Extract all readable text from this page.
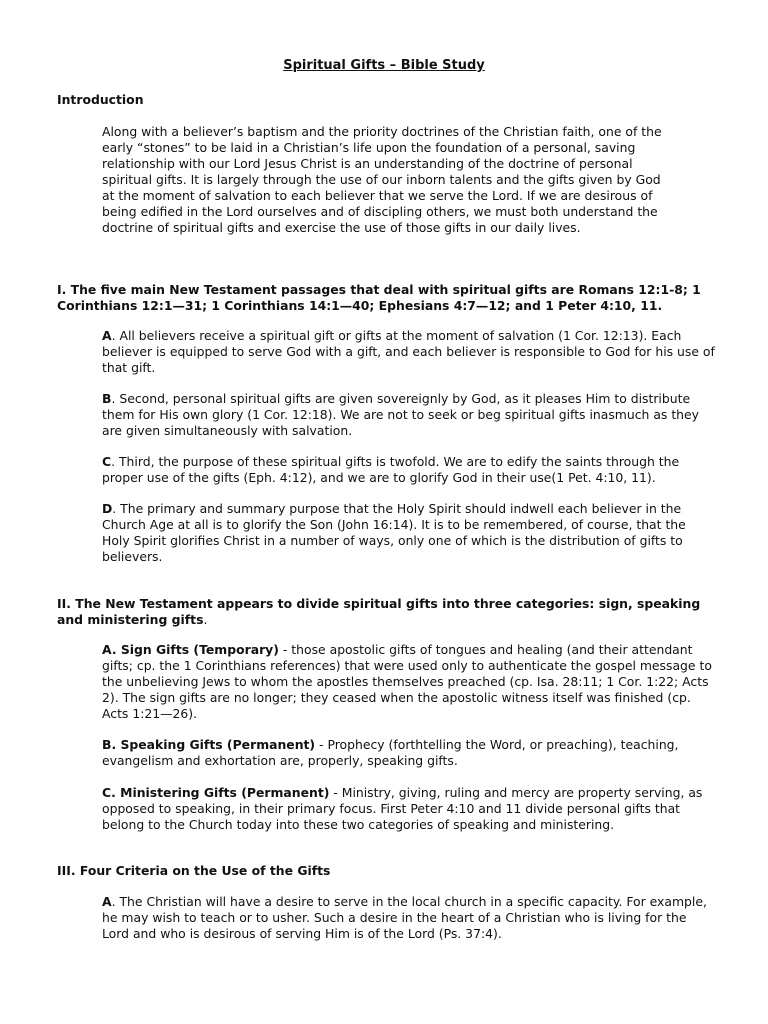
Spiritual Gifts – Bible Study
Introduction
Along with a believer’s baptism and the priority doctrines of the Christian faith, one of the early “stones” to be laid in a Christian’s life upon the foundation of a personal, saving relationship with our Lord Jesus Christ is an understanding of the doctrine of personal spiritual gifts. It is largely through the use of our inborn talents and the gifts given by God at the moment of salvation to each believer that we serve the Lord. If we are desirous of being edified in the Lord ourselves and of discipling others, we must both understand the doctrine of spiritual gifts and exercise the use of those gifts in our daily lives.
I. The five main New Testament passages that deal with spiritual gifts are Romans 12:1-8; 1 Corinthians 12:1—31; 1 Corinthians 14:1—40; Ephesians 4:7—12; and 1 Peter 4:10, 11.
A. All believers receive a spiritual gift or gifts at the moment of salvation (1 Cor. 12:13). Each believer is equipped to serve God with a gift, and each believer is responsible to God for his use of that gift.
B. Second, personal spiritual gifts are given sovereignly by God, as it pleases Him to distribute them for His own glory (1 Cor. 12:18). We are not to seek or beg spiritual gifts inasmuch as they are given simultaneously with salvation.
C. Third, the purpose of these spiritual gifts is twofold. We are to edify the saints through the proper use of the gifts (Eph. 4:12), and we are to glorify God in their use(1 Pet. 4:10, 11).
D. The primary and summary purpose that the Holy Spirit should indwell each believer in the Church Age at all is to glorify the Son (John 16:14). It is to be remembered, of course, that the Holy Spirit glorifies Christ in a number of ways, only one of which is the distribution of gifts to believers.
II. The New Testament appears to divide spiritual gifts into three categories: sign, speaking and ministering gifts.
A. Sign Gifts (Temporary) - those apostolic gifts of tongues and healing (and their attendant gifts; cp. the 1 Corinthians references) that were used only to authenticate the gospel message to the unbelieving Jews to whom the apostles themselves preached (cp. Isa. 28:11; 1 Cor. 1:22; Acts 2). The sign gifts are no longer; they ceased when the apostolic witness itself was finished (cp. Acts 1:21—26).
B. Speaking Gifts (Permanent) - Prophecy (forthtelling the Word, or preaching), teaching, evangelism and exhortation are, properly, speaking gifts.
C. Ministering Gifts (Permanent) - Ministry, giving, ruling and mercy are property serving, as opposed to speaking, in their primary focus. First Peter 4:10 and 11 divide personal gifts that belong to the Church today into these two categories of speaking and ministering.
III. Four Criteria on the Use of the Gifts
A. The Christian will have a desire to serve in the local church in a specific capacity. For example, he may wish to teach or to usher. Such a desire in the heart of a Christian who is living for the Lord and who is desirous of serving Him is of the Lord (Ps. 37:4).
